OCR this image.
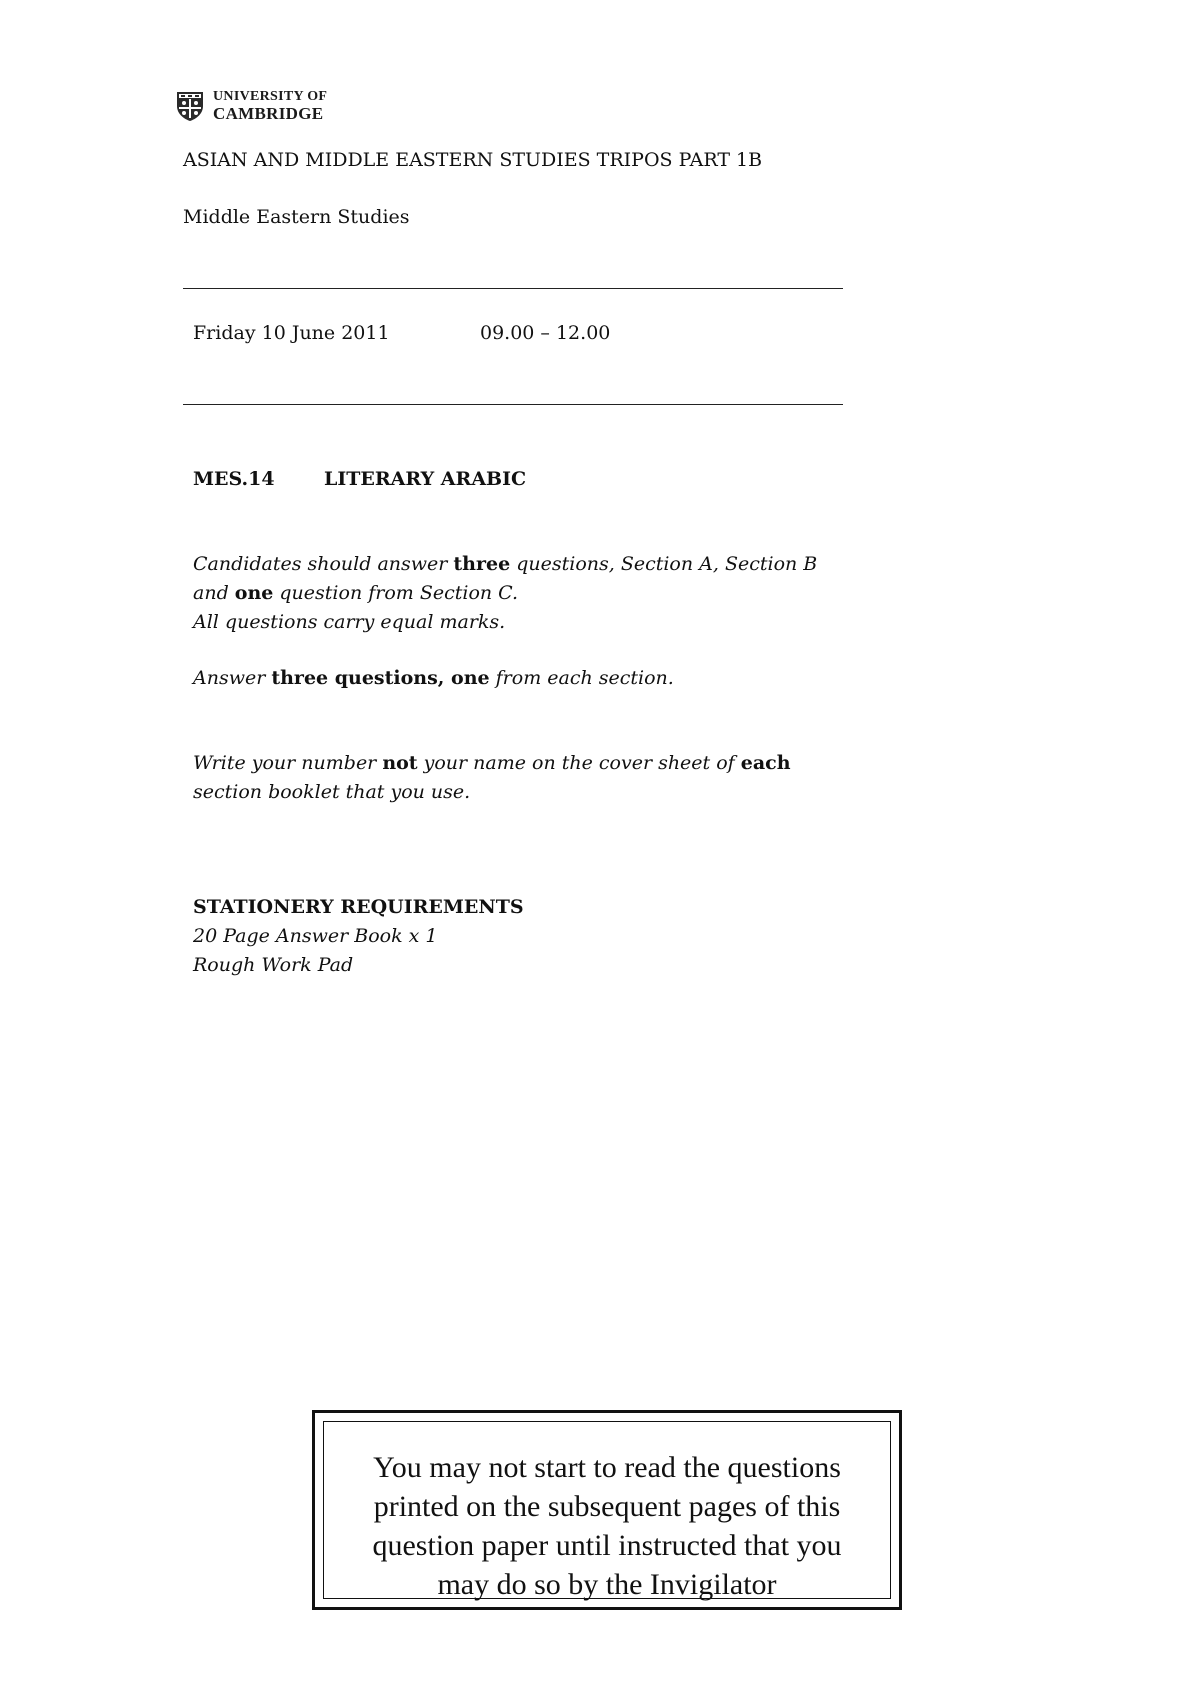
UNIVERSITY OF
CAMBRIDGE
ASIAN AND MIDDLE EASTERN STUDIES TRIPOS PART 1B
Middle Eastern Studies
Friday 10 June 2011	09.00 – 12.00
MES.14	LITERARY ARABIC
Candidates should answer three questions, Section A, Section B and one question from Section C.
All questions carry equal marks.
Answer three questions, one from each section.
Write your number not your name on the cover sheet of each section booklet that you use.
STATIONERY REQUIREMENTS
20 Page Answer Book x 1
Rough Work Pad
You may not start to read the questions
printed on the subsequent pages of this
question paper until instructed that you
may do so by the Invigilator
